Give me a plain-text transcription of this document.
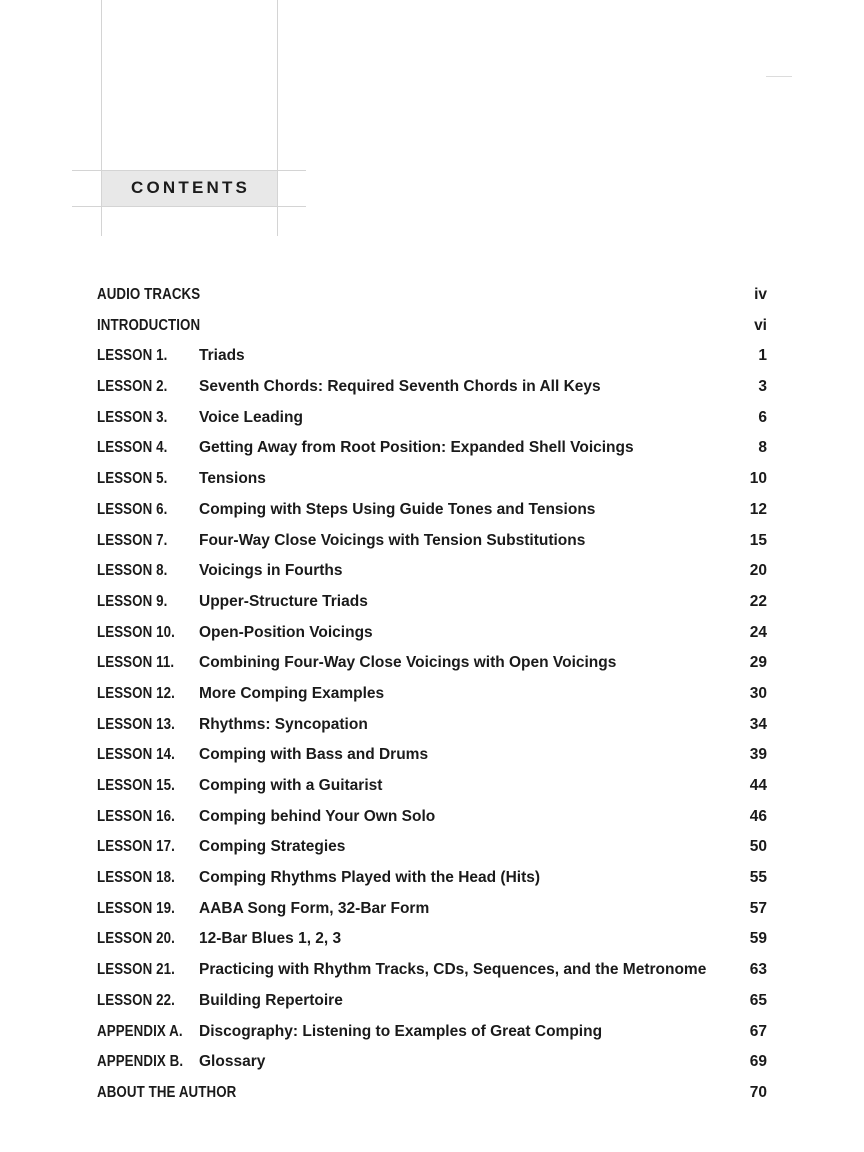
CONTENTS
AUDIO TRACKS	iv
INTRODUCTION	vi
LESSON 1. Triads	1
LESSON 2. Seventh Chords: Required Seventh Chords in All Keys	3
LESSON 3. Voice Leading	6
LESSON 4. Getting Away from Root Position: Expanded Shell Voicings	8
LESSON 5. Tensions	10
LESSON 6. Comping with Steps Using Guide Tones and Tensions	12
LESSON 7. Four-Way Close Voicings with Tension Substitutions	15
LESSON 8. Voicings in Fourths	20
LESSON 9. Upper-Structure Triads	22
LESSON 10. Open-Position Voicings	24
LESSON 11. Combining Four-Way Close Voicings with Open Voicings	29
LESSON 12. More Comping Examples	30
LESSON 13. Rhythms: Syncopation	34
LESSON 14. Comping with Bass and Drums	39
LESSON 15. Comping with a Guitarist	44
LESSON 16. Comping behind Your Own Solo	46
LESSON 17. Comping Strategies	50
LESSON 18. Comping Rhythms Played with the Head (Hits)	55
LESSON 19. AABA Song Form, 32-Bar Form	57
LESSON 20. 12-Bar Blues 1, 2, 3	59
LESSON 21. Practicing with Rhythm Tracks, CDs, Sequences, and the Metronome	63
LESSON 22. Building Repertoire	65
APPENDIX A. Discography: Listening to Examples of Great Comping	67
APPENDIX B. Glossary	69
ABOUT THE AUTHOR	70
